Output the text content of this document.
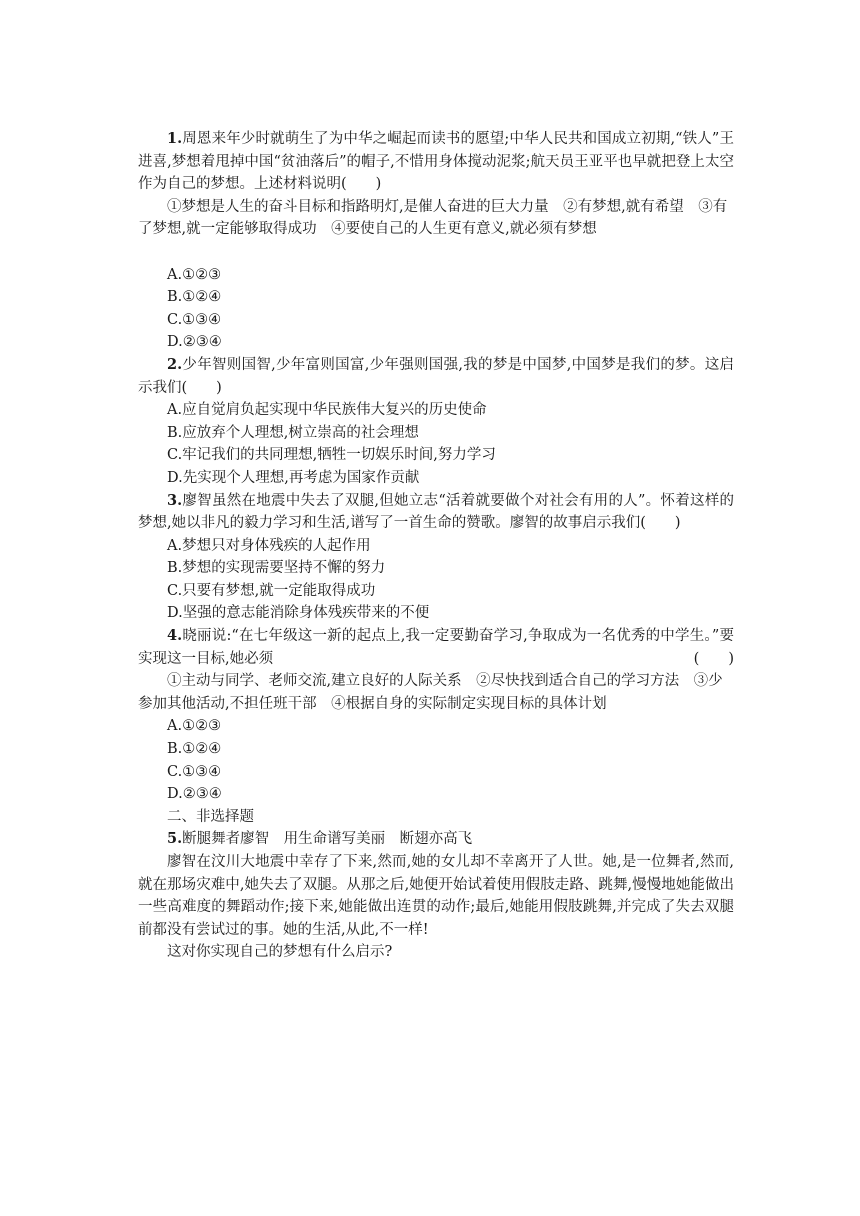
1.周恩来年少时就萌生了为中华之崛起而读书的愿望;中华人民共和国成立初期,“铁人”王进喜,梦想着甩掉中国“贫油落后”的帽子,不惜用身体搅动泥浆;航天员王亚平也早就把登上太空作为自己的梦想。上述材料说明(　　)

①梦想是人生的奋斗目标和指路明灯,是催人奋进的巨大力量　②有梦想,就有希望　③有了梦想,就一定能够取得成功　④要使自己的人生更有意义,就必须有梦想

A.①②③

B.①②④

C.①③④

D.②③④

2.少年智则国智,少年富则国富,少年强则国强,我的梦是中国梦,中国梦是我们的梦。这启示我们(　　)

A.应自觉肩负起实现中华民族伟大复兴的历史使命

B.应放弃个人理想,树立崇高的社会理想

C.牢记我们的共同理想,牺牲一切娱乐时间,努力学习

D.先实现个人理想,再考虑为国家作贡献

3.廖智虽然在地震中失去了双腿,但她立志“活着就要做个对社会有用的人”。怀着这样的梦想,她以非凡的毅力学习和生活,谱写了一首生命的赞歌。廖智的故事启示我们(　　)

A.梦想只对身体残疾的人起作用

B.梦想的实现需要坚持不懈的努力

C.只要有梦想,就一定能取得成功

D.坚强的意志能消除身体残疾带来的不便

4.晓丽说:“在七年级这一新的起点上,我一定要勤奋学习,争取成为一名优秀的中学生。”要实现这一目标,她必须	(　　)

①主动与同学、老师交流,建立良好的人际关系　②尽快找到适合自己的学习方法　③少参加其他活动,不担任班干部　④根据自身的实际制定实现目标的具体计划

A.①②③

B.①②④

C.①③④

D.②③④

二、非选择题

5.断腿舞者廖智　用生命谱写美丽　断翅亦高飞

廖智在汶川大地震中幸存了下来,然而,她的女儿却不幸离开了人世。她,是一位舞者,然而,就在那场灾难中,她失去了双腿。从那之后,她便开始试着使用假肢走路、跳舞,慢慢地她能做出一些高难度的舞蹈动作;接下来,她能做出连贯的动作;最后,她能用假肢跳舞,并完成了失去双腿前都没有尝试过的事。她的生活,从此,不一样!

这对你实现自己的梦想有什么启示?
